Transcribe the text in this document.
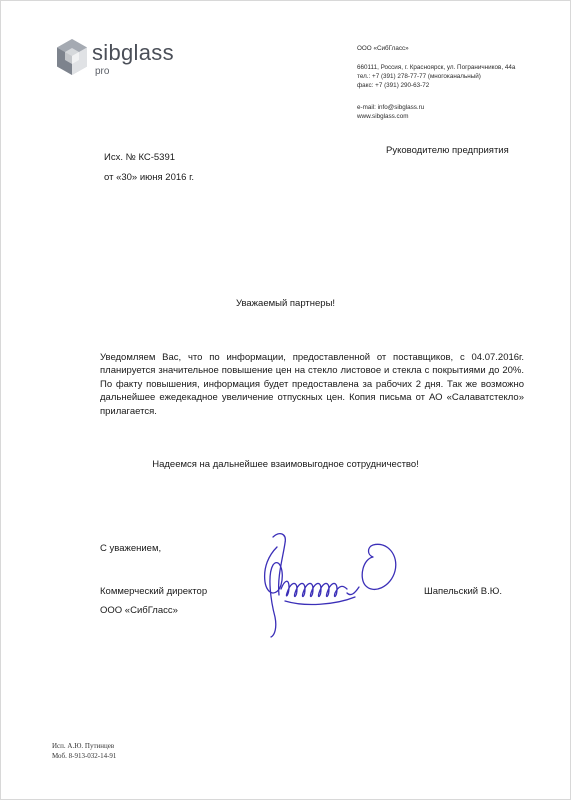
sibglass
pro
ООО «СибГласс»
660111, Россия, г. Красноярск, ул. Пограничников, 44а
тел.: +7 (391) 278-77-77 (многоканальный)
факс: +7 (391) 290-63-72
e-mail: info@sibglass.ru
www.sibglass.com
Исх. № КС-5391
от «30» июня 2016 г.
Руководителю предприятия
Уважаемый партнеры!

Уведомляем Вас, что по информации, предоставленной от поставщиков, с 04.07.2016г. планируется значительное повышение цен на стекло листовое и стекла с покрытиями до 20%. По факту повышения, информация будет предоставлена за рабочих 2 дня. Так же возможно дальнейшее ежедекадное увеличение отпускных цен. Копия письма от АО «Салаватстекло» прилагается.

Надеемся на дальнейшее взаимовыгодное сотрудничество!
С уважением,
Коммерческий директор
ООО «СибГласс»
Шапельский В.Ю.
Исп. А.Ю. Путинцев
Моб. 8-913-032-14-91
